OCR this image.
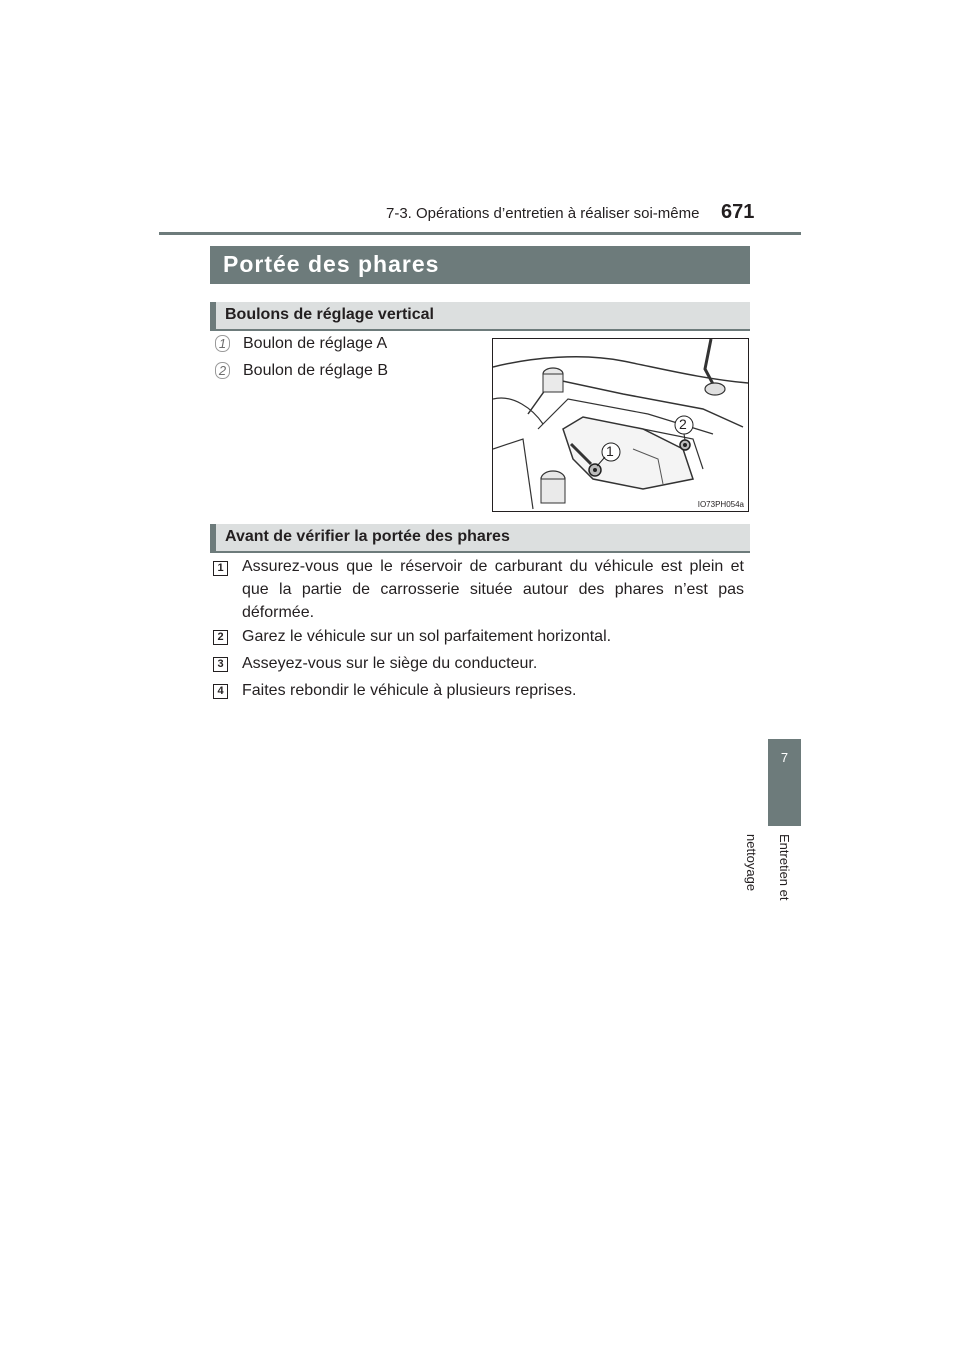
7-3. Opérations d’entretien à réaliser soi-même 671
Portée des phares
Boulons de réglage vertical
1 Boulon de réglage A
2 Boulon de réglage B
1
2
IO73PH054a
Avant de vérifier la portée des phares
1 Assurez-vous que le réservoir de carburant du véhicule est plein et que la partie de carrosserie située autour des phares n’est pas déformée.
2 Garez le véhicule sur un sol parfaitement horizontal.
3 Asseyez-vous sur le siège du conducteur.
4 Faites rebondir le véhicule à plusieurs reprises.
7
Entretien et nettoyage
